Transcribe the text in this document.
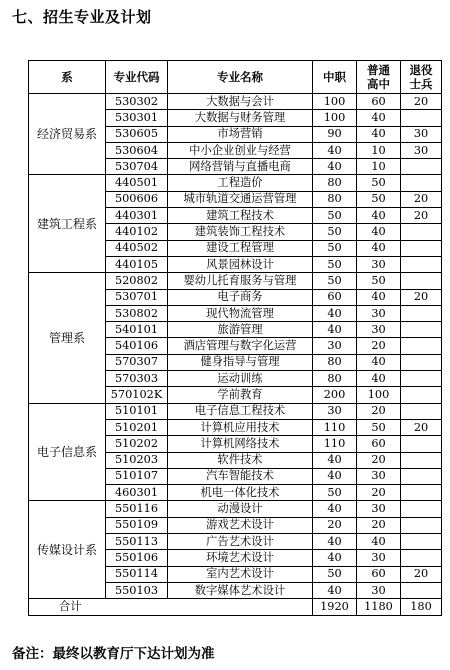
七、招生专业及计划
系	专业代码	专业名称	中职	普通高中	退役士兵
经济贸易系	530302	大数据与会计	100	60	20
	530301	大数据与财务管理	100	40	
	530605	市场营销	90	40	30
	530604	中小企业创业与经营	40	10	30
	530704	网络营销与直播电商	40	10	
建筑工程系	440501	工程造价	80	50	
	500606	城市轨道交通运营管理	80	50	20
	440301	建筑工程技术	50	40	20
	440102	建筑装饰工程技术	50	40	
	440502	建设工程管理	50	40	
	440105	风景园林设计	50	30	
管理系	520802	婴幼儿托育服务与管理	50	50	
	530701	电子商务	60	40	20
	530802	现代物流管理	40	30	
	540101	旅游管理	40	30	
	540106	酒店管理与数字化运营	30	20	
	570307	健身指导与管理	80	40	
	570303	运动训练	80	40	
	570102K	学前教育	200	100	
电子信息系	510101	电子信息工程技术	30	20	
	510201	计算机应用技术	110	50	20
	510202	计算机网络技术	110	60	
	510203	软件技术	40	20	
	510107	汽车智能技术	40	30	
	460301	机电一体化技术	50	20	
传媒设计系	550116	动漫设计	40	30	
	550109	游戏艺术设计	20	20	
	550113	广告艺术设计	40	40	
	550106	环境艺术设计	40	30	
	550114	室内艺术设计	50	60	20
	550103	数字媒体艺术设计	40	30	
合计			1920	1180	180
备注：最终以教育厅下达计划为准
